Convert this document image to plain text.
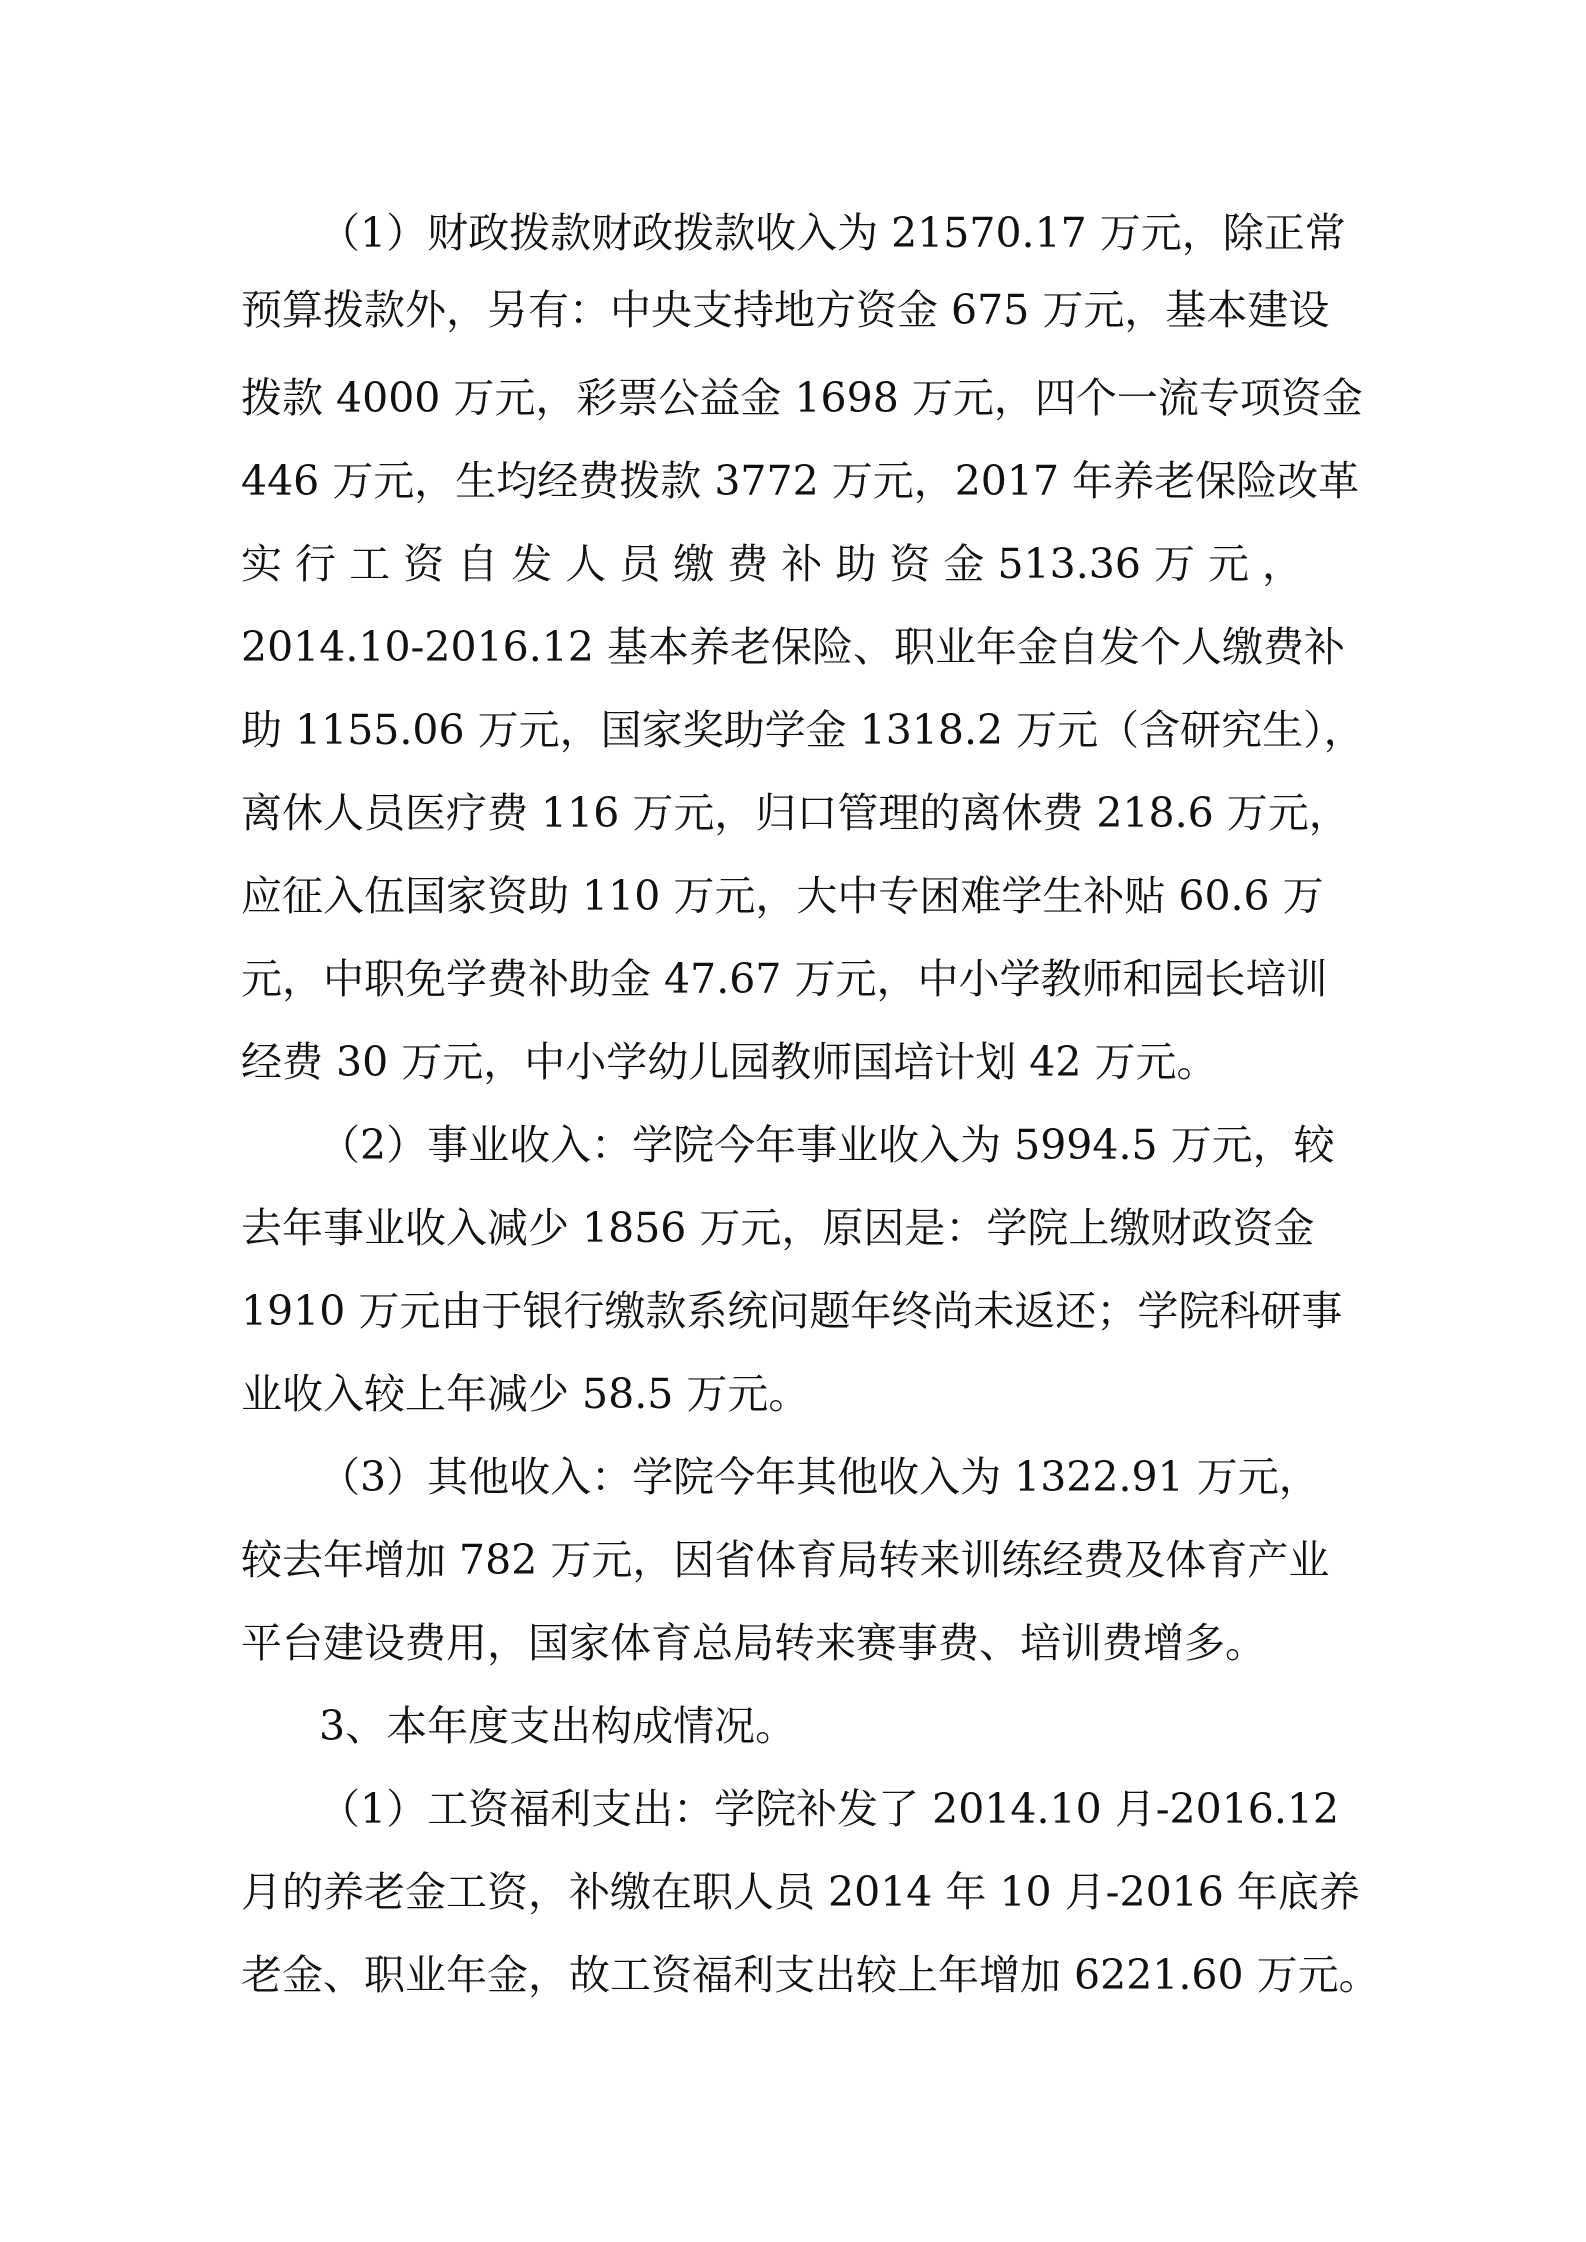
（1）财政拨款财政拨款收入为 21570.17 万元，除正常
预算拨款外，另有：中央支持地方资金 675 万元，基本建设
拨款 4000 万元，彩票公益金 1698 万元，四个一流专项资金
446 万元，生均经费拨款 3772 万元，2017 年养老保险改革
实 行 工 资 自 发 人 员 缴 费 补 助 资 金 513.36 万 元 ，
2014.10-2016.12 基本养老保险、职业年金自发个人缴费补
助 1155.06 万元，国家奖助学金 1318.2 万元（含研究生），
离休人员医疗费 116 万元，归口管理的离休费 218.6 万元，
应征入伍国家资助 110 万元，大中专困难学生补贴 60.6 万
元，中职免学费补助金 47.67 万元，中小学教师和园长培训
经费 30 万元，中小学幼儿园教师国培计划 42 万元。
（2）事业收入：学院今年事业收入为 5994.5 万元，较
去年事业收入减少 1856 万元，原因是：学院上缴财政资金
1910 万元由于银行缴款系统问题年终尚未返还；学院科研事
业收入较上年减少 58.5 万元。
（3）其他收入：学院今年其他收入为 1322.91 万元，
较去年增加 782 万元，因省体育局转来训练经费及体育产业
平台建设费用，国家体育总局转来赛事费、培训费增多。
3、本年度支出构成情况。
（1）工资福利支出：学院补发了 2014.10 月-2016.12
月的养老金工资，补缴在职人员 2014 年 10 月-2016 年底养
老金、职业年金，故工资福利支出较上年增加 6221.60 万元。
